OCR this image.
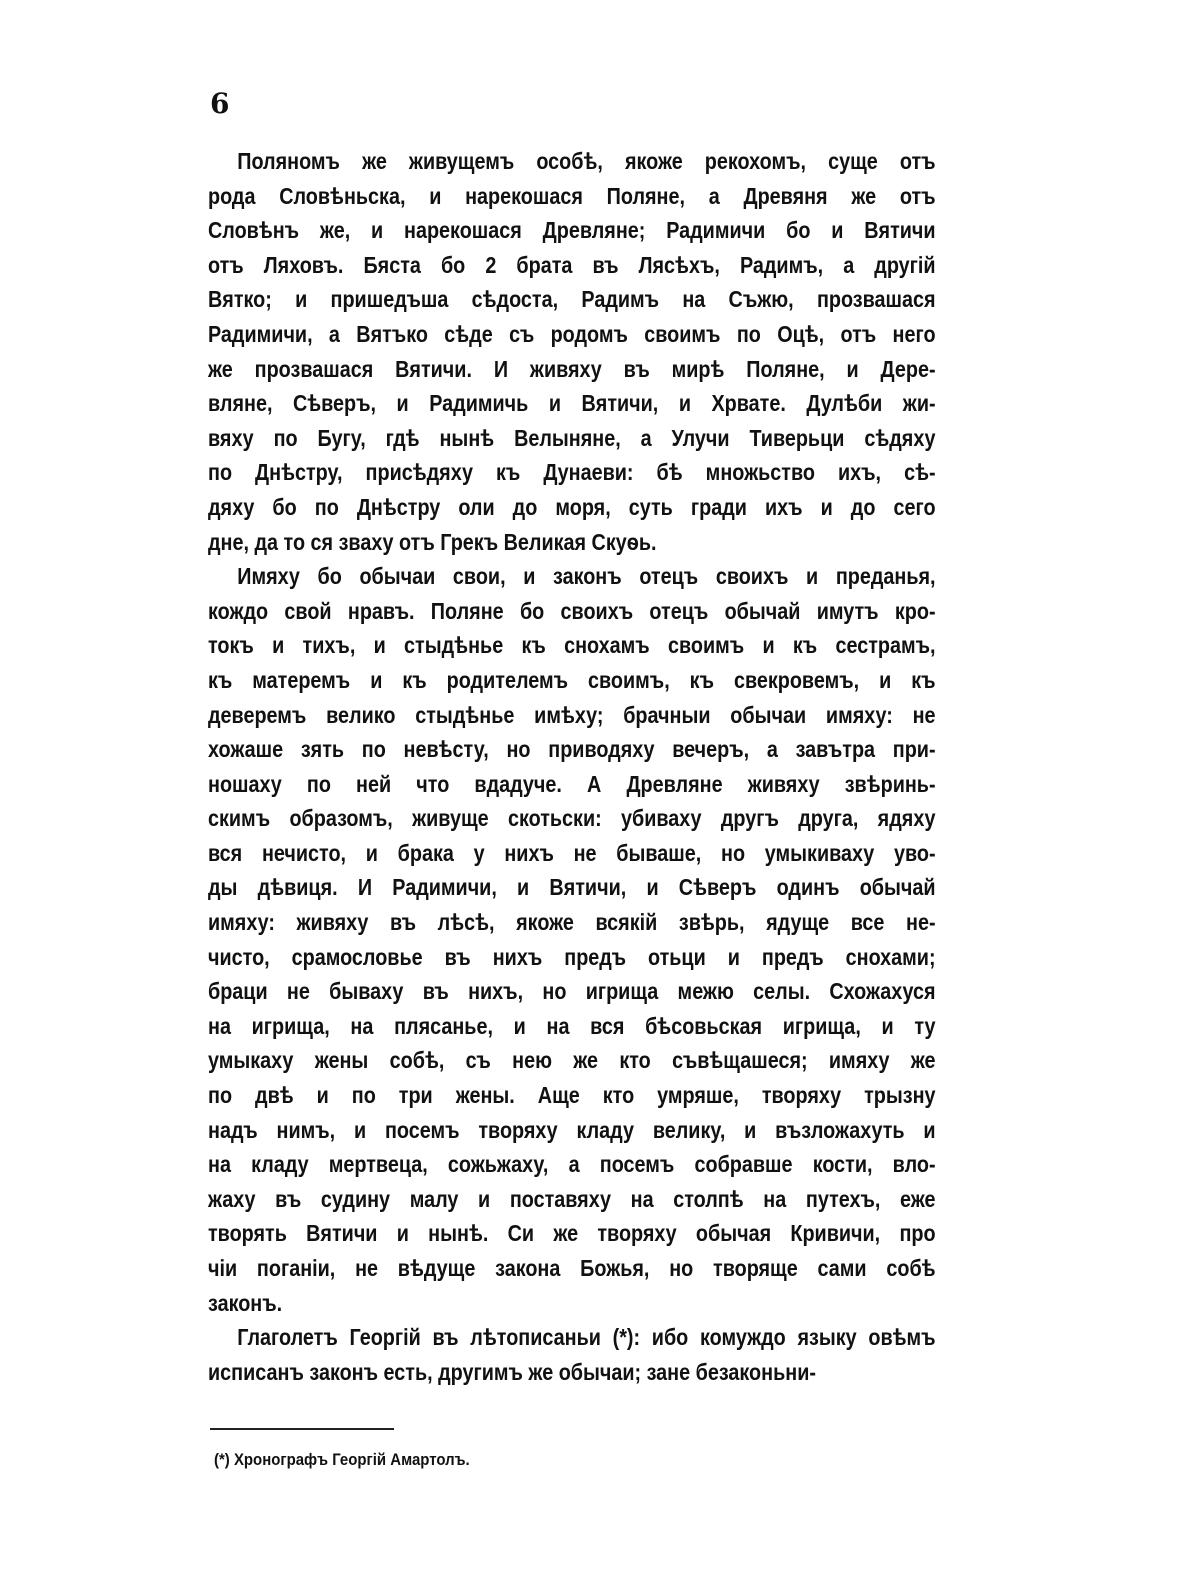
6
Поляномъ же живущемъ особѣ, якоже рекохомъ, суще отъ
рода Словѣньска, и нарекошася Поляне, а Древяня же отъ
Словѣнъ же, и нарекошася Древляне; Радимичи бо и Вятичи
отъ Ляховъ. Бяста бо 2 брата въ Лясѣхъ, Радимъ, а другій
Вятко; и пришедъша сѣдоста, Радимъ на Съжю, прозвашася
Радимичи, а Вятъко сѣде съ родомъ своимъ по Оцѣ, отъ него
же прозвашася Вятичи. И живяху въ мирѣ Поляне, и Дере-
вляне, Сѣверъ, и Радимичь и Вятичи, и Хрвате. Дулѣби жи-
вяху по Бугу, гдѣ нынѣ Велыняне, а Улучи Тиверьци сѣдяху
по Днѣстру, присѣдяху къ Дунаеви: бѣ множьство ихъ, сѣ-
дяху бо по Днѣстру оли до моря, суть гради ихъ и до сего
дне, да то ся зваху отъ Грекъ Великая Скуѳь.
Имяху бо обычаи свои, и законъ отецъ своихъ и преданья,
кождо свой нравъ. Поляне бо своихъ отецъ обычай имутъ кро-
токъ и тихъ, и стыдѣнье къ снохамъ своимъ и къ сестрамъ,
къ матеремъ и къ родителемъ своимъ, къ свекровемъ, и къ
деверемъ велико стыдѣнье имѣху; брачныи обычаи имяху: не
хожаше зять по невѣсту, но приводяху вечеръ, а завътра при-
ношаху по ней что вдадуче. А Древляне живяху звѣринь-
скимъ образомъ, живуще скотьски: убиваху другъ друга, ядяху
вся нечисто, и брака у нихъ не бываше, но умыкиваху уво-
ды дѣвиця. И Радимичи, и Вятичи, и Сѣверъ одинъ обычай
имяху: живяху въ лѣсѣ, якоже всякій звѣрь, ядуще все не-
чисто, срамословье въ нихъ предъ отьци и предъ снохами;
браци не бываху въ нихъ, но игрища межю селы. Схожахуся
на игрища, на плясанье, и на вся бѣсовьская игрища, и ту
умыкаху жены собѣ, съ нею же кто съвѣщашеся; имяху же
по двѣ и по три жены. Аще кто умряше, творяху трызну
надъ нимъ, и посемъ творяху кладу велику, и възложахуть и
на кладу мертвеца, сожьжаху, а посемъ собравше кости, вло-
жаху въ судину малу и поставяху на столпѣ на путехъ, еже
творять Вятичи и нынѣ. Си же творяху обычая Кривичи, про
чіи поганіи, не вѣдуще закона Божья, но творяще сами собѣ
законъ.
Глаголетъ Георгій въ лѣтописаньи (*): ибо комуждо языку овѣмъ
исписанъ законъ есть, другимъ же обычаи; зане безаконьни-
(*) Хронографъ Георгій Амартолъ.
